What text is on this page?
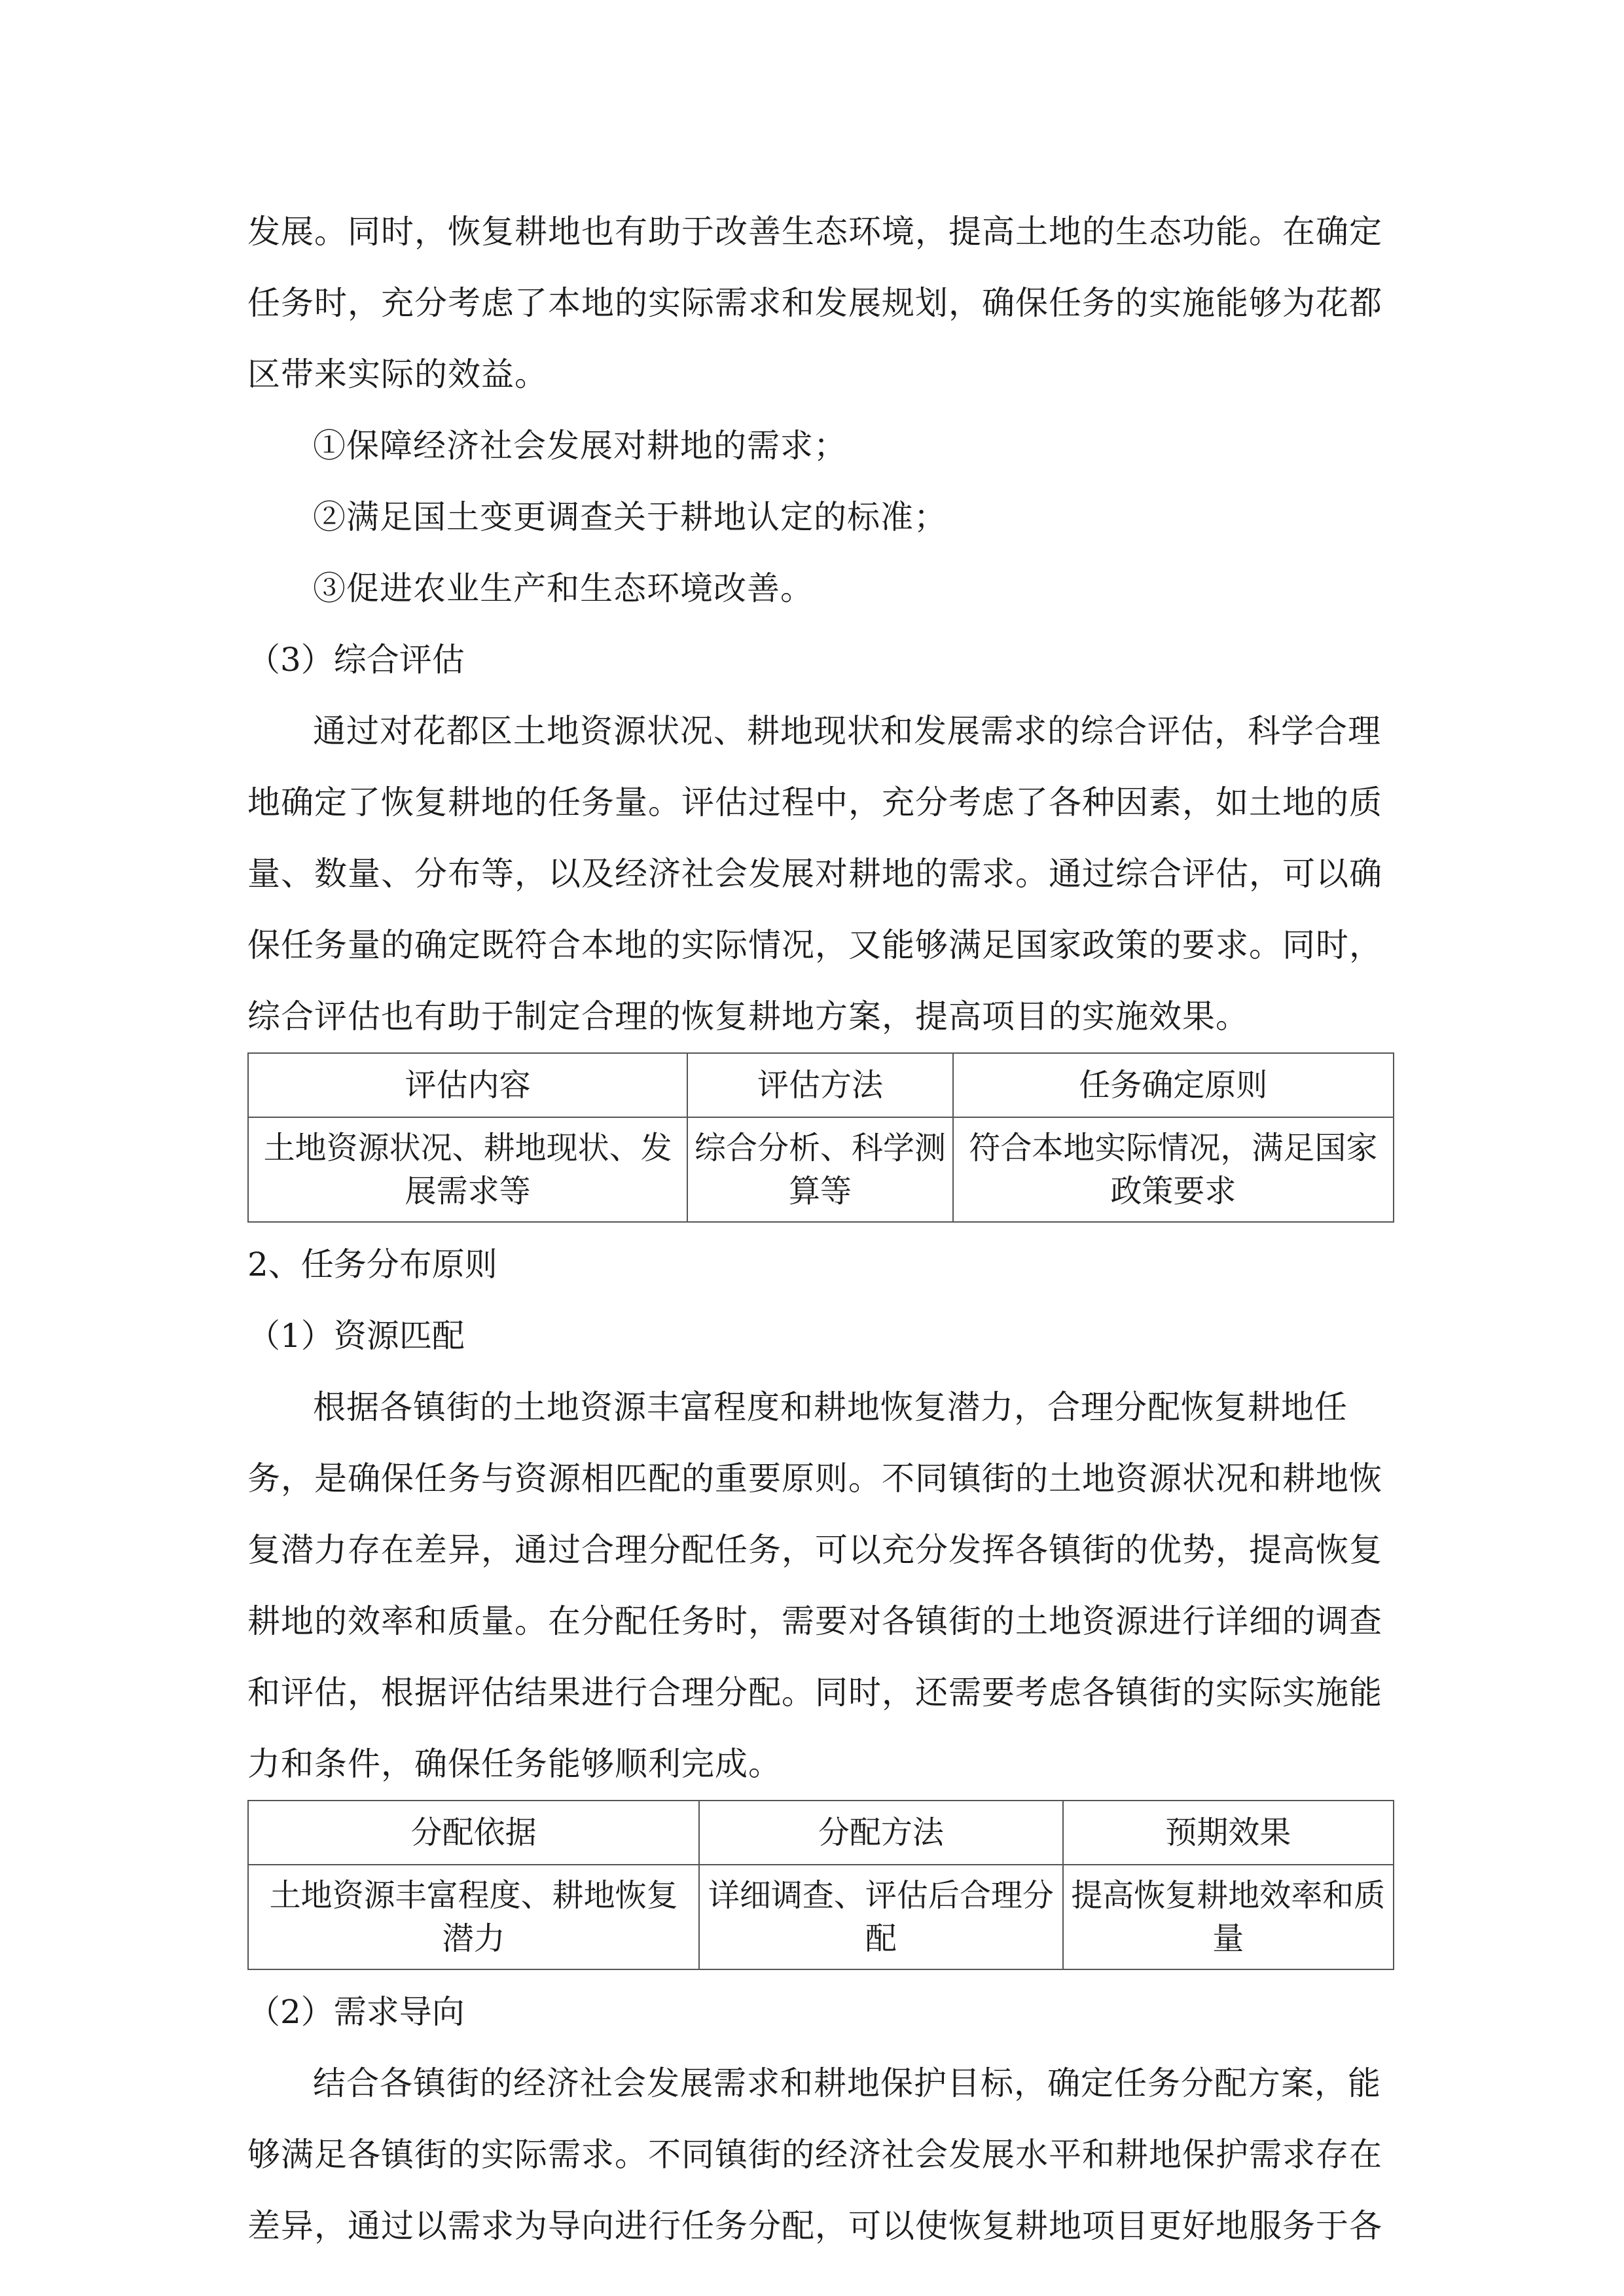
发展。同时，恢复耕地也有助于改善生态环境，提高土地的生态功能。在确定

任务时，充分考虑了本地的实际需求和发展规划，确保任务的实施能够为花都

区带来实际的效益。

①保障经济社会发展对耕地的需求；

②满足国土变更调查关于耕地认定的标准；

③促进农业生产和生态环境改善。

（3）综合评估

通过对花都区土地资源状况、耕地现状和发展需求的综合评估，科学合理

地确定了恢复耕地的任务量。评估过程中，充分考虑了各种因素，如土地的质

量、数量、分布等，以及经济社会发展对耕地的需求。通过综合评估，可以确

保任务量的确定既符合本地的实际情况，又能够满足国家政策的要求。同时，

综合评估也有助于制定合理的恢复耕地方案，提高项目的实施效果。

评估内容	评估方法	任务确定原则
土地资源状况、耕地现状、发展需求等	综合分析、科学测算等	符合本地实际情况，满足国家政策要求

2、任务分布原则

（1）资源匹配

根据各镇街的土地资源丰富程度和耕地恢复潜力，合理分配恢复耕地任

务，是确保任务与资源相匹配的重要原则。不同镇街的土地资源状况和耕地恢

复潜力存在差异，通过合理分配任务，可以充分发挥各镇街的优势，提高恢复

耕地的效率和质量。在分配任务时，需要对各镇街的土地资源进行详细的调查

和评估，根据评估结果进行合理分配。同时，还需要考虑各镇街的实际实施能

力和条件，确保任务能够顺利完成。

分配依据	分配方法	预期效果
土地资源丰富程度、耕地恢复潜力	详细调查、评估后合理分配	提高恢复耕地效率和质量

（2）需求导向

结合各镇街的经济社会发展需求和耕地保护目标，确定任务分配方案，能

够满足各镇街的实际需求。不同镇街的经济社会发展水平和耕地保护需求存在

差异，通过以需求为导向进行任务分配，可以使恢复耕地项目更好地服务于各
